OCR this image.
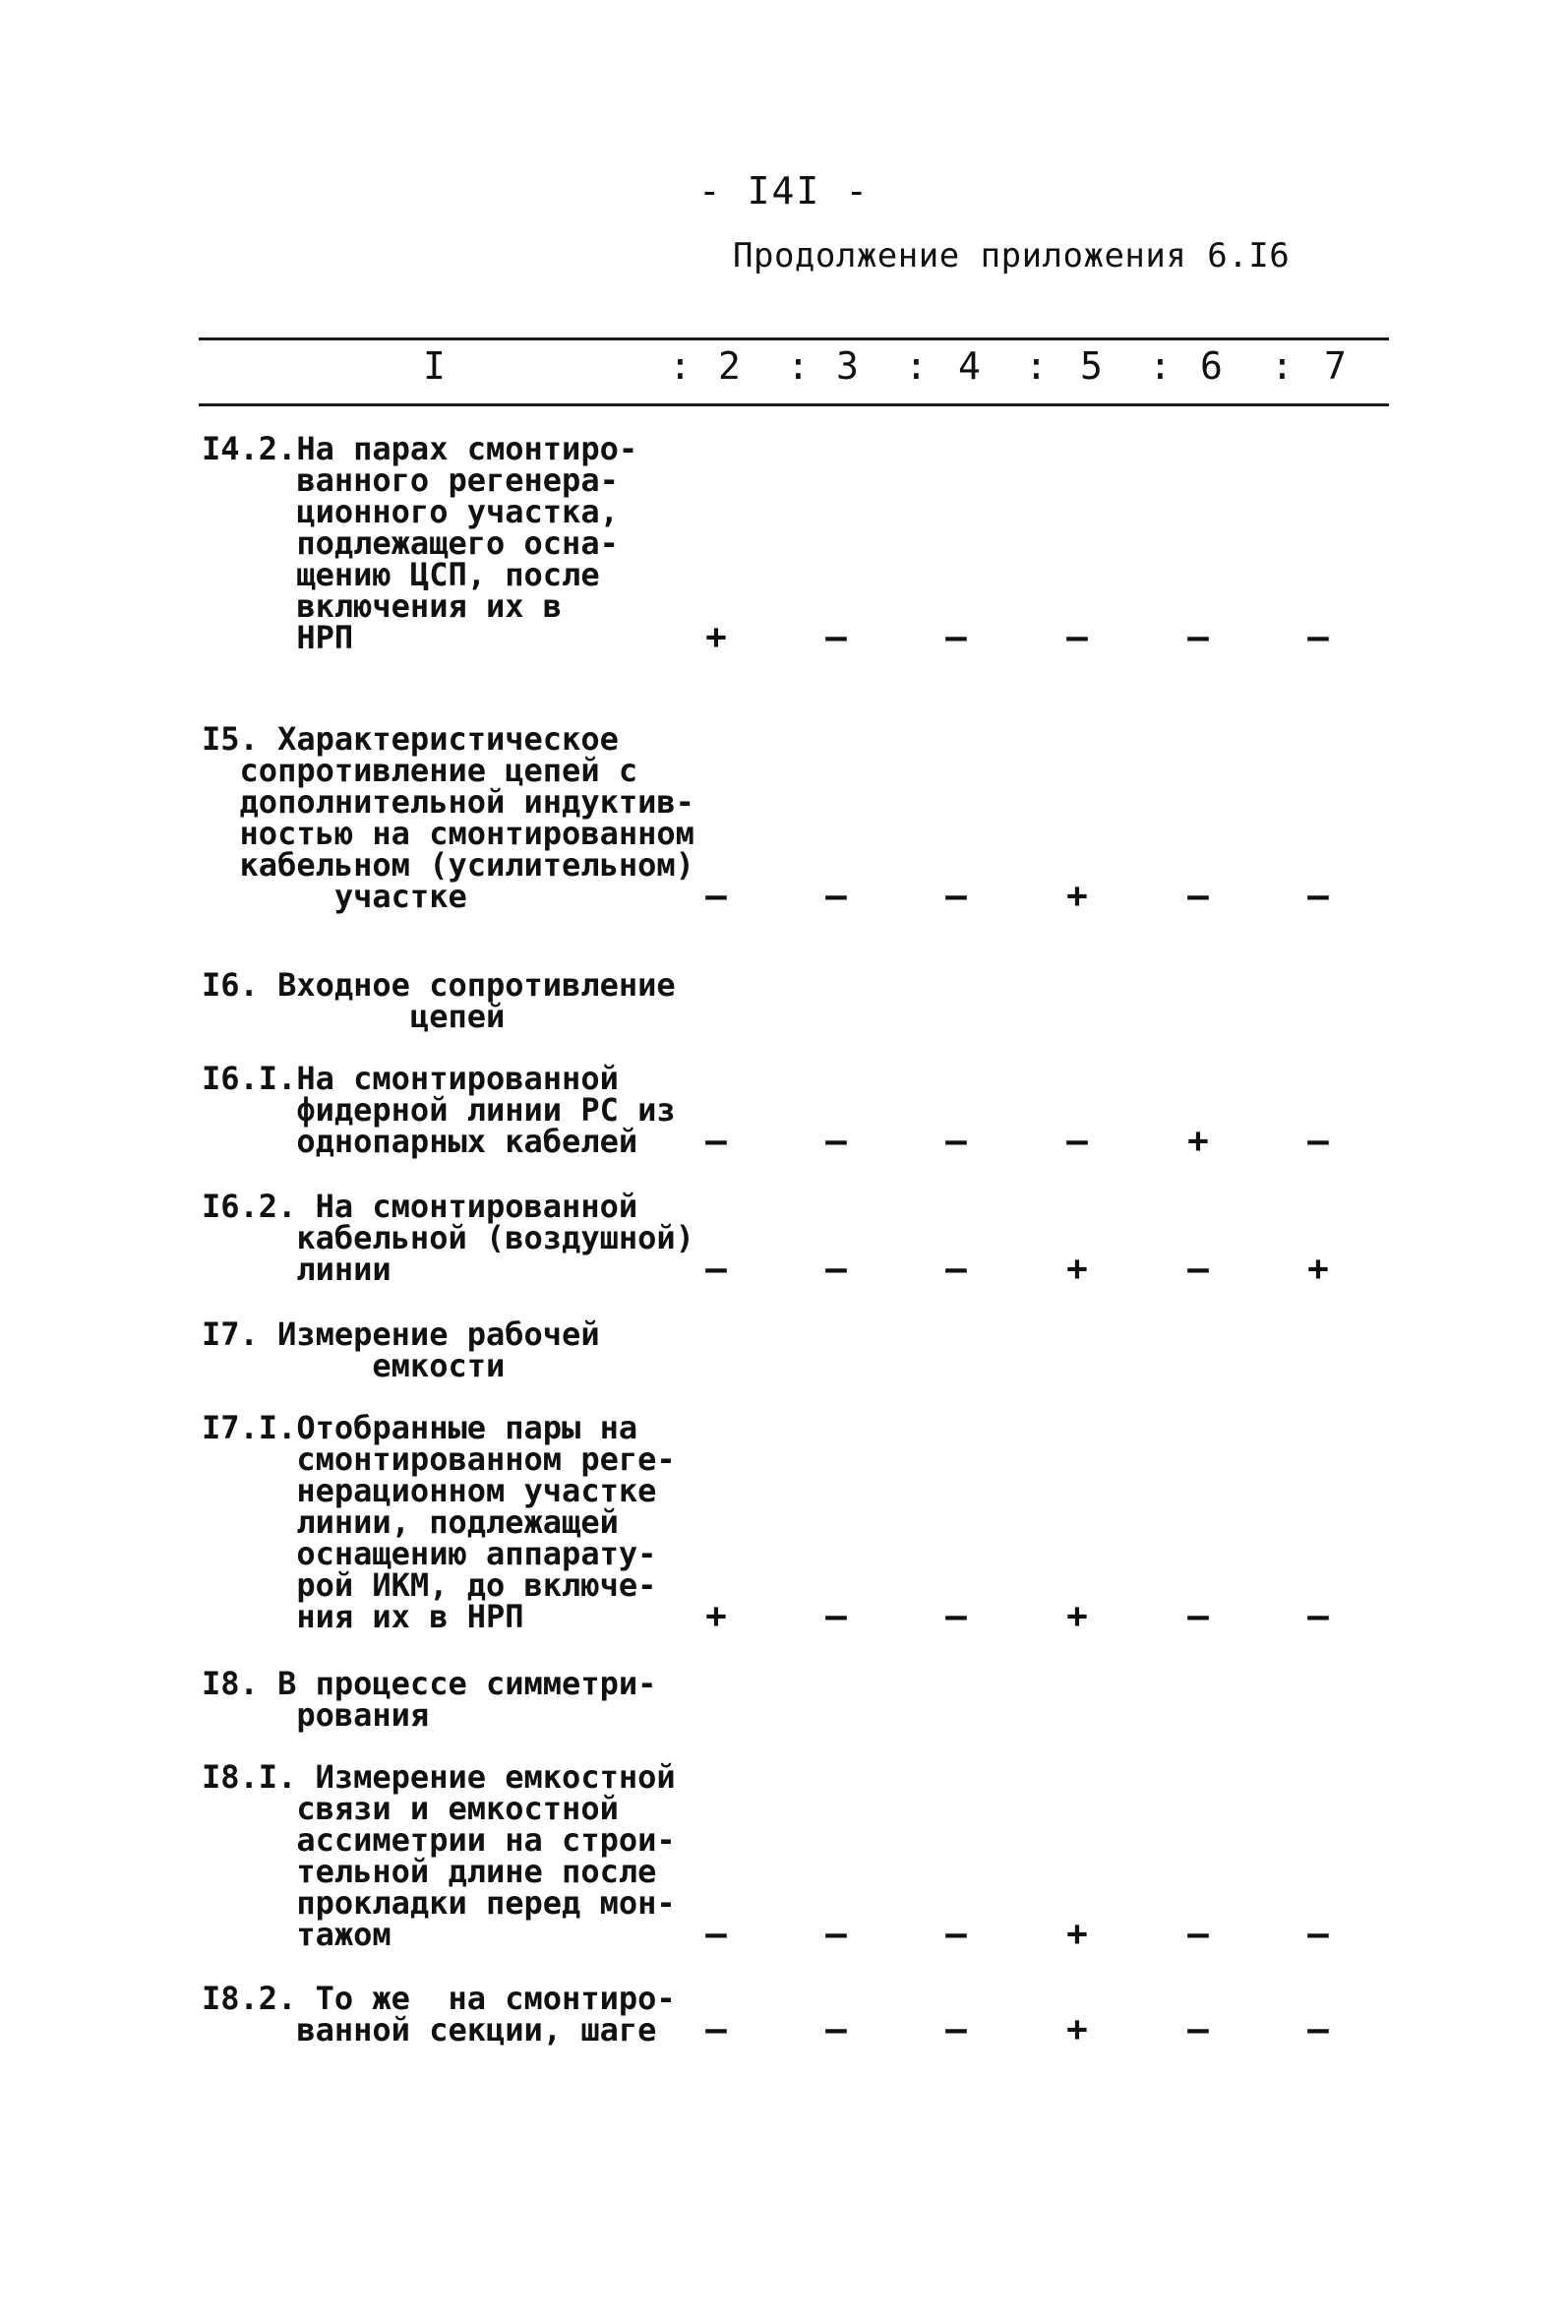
- I4I -
Продолжение приложения 6.I6
I	: 2 : 3 : 4 : 5 : 6 : 7
I4.2.На парах смонтиро-
ванного регенера-
ционного участка,
подлежащего осна-
щению ЦСП, после
включения их в
НРП	+	–	–	–	–	–
I5. Характеристическое
сопротивление цепей с
дополнительной индуктив-
ностью на смонтированном
кабельном (усилительном)
участке	–	–	–	+	–	–
I6. Входное сопротивление
цепей
I6.I.На смонтированной
фидерной линии РС из
однопарных кабелей	–	–	–	–	+	–
I6.2. На смонтированной
кабельной (воздушной)
линии	–	–	–	+	–	+
I7. Измерение рабочей
емкости
I7.I.Отобранные пары на
смонтированном реге-
нерационном участке
линии, подлежащей
оснащению аппарату-
рой ИКМ, до включе-
ния их в НРП	+	–	–	+	–	–
I8. В процессе симметри-
рования
I8.I. Измерение емкостной
связи и емкостной
ассиметрии на строи-
тельной длине после
прокладки перед мон-
тажом	–	–	–	+	–	–
I8.2. То же  на смонтиро-
ванной секции, шаге	–	–	–	+	–	–
